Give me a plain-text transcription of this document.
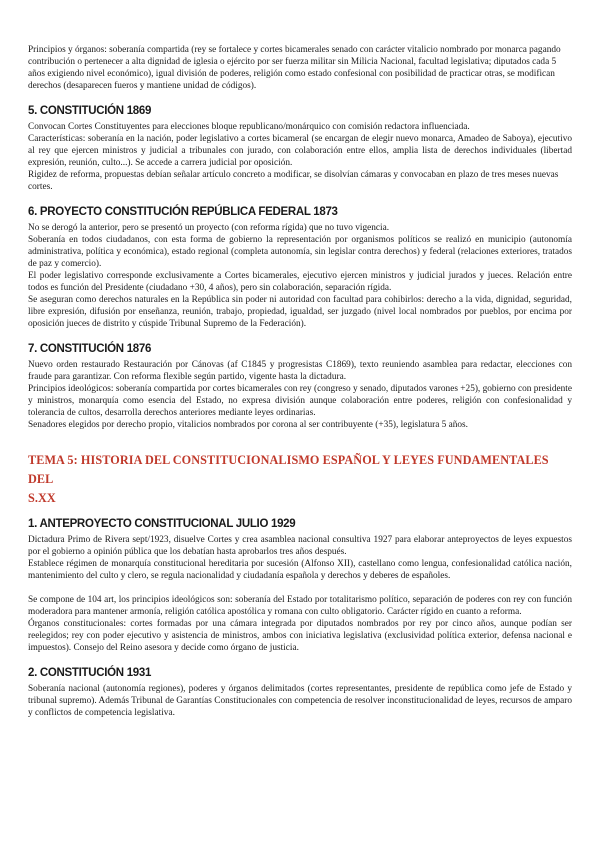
Principios y órganos: soberanía compartida (rey se fortalece y cortes bicamerales senado con carácter vitalicio nombrado por monarca pagando contribución o pertenecer a alta dignidad de iglesia o ejército por ser fuerza militar sin Milicia Nacional, facultad legislativa; diputados cada 5 años exigiendo nivel económico), igual división de poderes, religión como estado confesional con posibilidad de practicar otras, se modifican derechos (desaparecen fueros y mantiene unidad de códigos).

5. CONSTITUCIÓN 1869

Convocan Cortes Constituyentes para elecciones bloque republicano/monárquico con comisión redactora influenciada.

Características: soberanía en la nación, poder legislativo a cortes bicameral (se encargan de elegir nuevo monarca, Amadeo de Saboya), ejecutivo al rey que ejercen ministros y judicial a tribunales con jurado, con colaboración entre ellos, amplia lista de derechos individuales (libertad expresión, reunión, culto...). Se accede a carrera judicial por oposición.

Rigidez de reforma, propuestas debían señalar artículo concreto a modificar, se disolvían cámaras y convocaban en plazo de tres meses nuevas cortes.

6. PROYECTO CONSTITUCIÓN REPÚBLICA FEDERAL 1873

No se derogó la anterior, pero se presentó un proyecto (con reforma rígida) que no tuvo vigencia.

Soberanía en todos ciudadanos, con esta forma de gobierno la representación por organismos políticos se realizó en municipio (autonomía administrativa, política y económica), estado regional (completa autonomía, sin legislar contra derechos) y federal (relaciones exteriores, tratados de paz y comercio).

El poder legislativo corresponde exclusivamente a Cortes bicamerales, ejecutivo ejercen ministros y judicial jurados y jueces. Relación entre todos es función del Presidente (ciudadano +30, 4 años), pero sin colaboración, separación rígida.

Se aseguran como derechos naturales en la República sin poder ni autoridad con facultad para cohibirlos: derecho a la vida, dignidad, seguridad, libre expresión, difusión por enseñanza, reunión, trabajo, propiedad, igualdad, ser juzgado (nivel local nombrados por pueblos, por encima por oposición jueces de distrito y cúspide Tribunal Supremo de la Federación).

7. CONSTITUCIÓN 1876

Nuevo orden restaurado Restauración por Cánovas (af C1845 y progresistas C1869), texto reuniendo asamblea para redactar, elecciones con fraude para garantizar. Con reforma flexible según partido, vigente hasta la dictadura.

Principios ideológicos: soberanía compartida por cortes bicamerales con rey (congreso y senado, diputados varones +25), gobierno con presidente y ministros, monarquía como esencia del Estado, no expresa división aunque colaboración entre poderes, religión con confesionalidad y tolerancia de cultos, desarrolla derechos anteriores mediante leyes ordinarias.

Senadores elegidos por derecho propio, vitalicios nombrados por corona al ser contribuyente (+35), legislatura 5 años.

TEMA 5: HISTORIA DEL CONSTITUCIONALISMO ESPAÑOL Y LEYES FUNDAMENTALES DEL
S.XX
1. ANTEPROYECTO CONSTITUCIONAL JULIO 1929

Dictadura Primo de Rivera sept/1923, disuelve Cortes y crea asamblea nacional consultiva 1927 para elaborar anteproyectos de leyes expuestos por el gobierno a opinión pública que los debatían hasta aprobarlos tres años después.

Establece régimen de monarquía constitucional hereditaria por sucesión (Alfonso XII), castellano como lengua, confesionalidad católica nación, mantenimiento del culto y clero, se regula nacionalidad y ciudadanía española y derechos y deberes de españoles.

Se compone de 104 art, los principios ideológicos son: soberanía del Estado por totalitarismo político, separación de poderes con rey con función moderadora para mantener armonía, religión católica apostólica y romana con culto obligatorio. Carácter rígido en cuanto a reforma.

Órganos constitucionales: cortes formadas por una cámara integrada por diputados nombrados por rey por cinco años, aunque podían ser reelegidos; rey con poder ejecutivo y asistencia de ministros, ambos con iniciativa legislativa (exclusividad política exterior, defensa nacional e impuestos). Consejo del Reino asesora y decide como órgano de justicia.

2. CONSTITUCIÓN 1931

Soberanía nacional (autonomía regiones), poderes y órganos delimitados (cortes representantes, presidente de república como jefe de Estado y tribunal supremo). Además Tribunal de Garantías Constitucionales con competencia de resolver inconstitucionalidad de leyes, recursos de amparo y conflictos de competencia legislativa.
